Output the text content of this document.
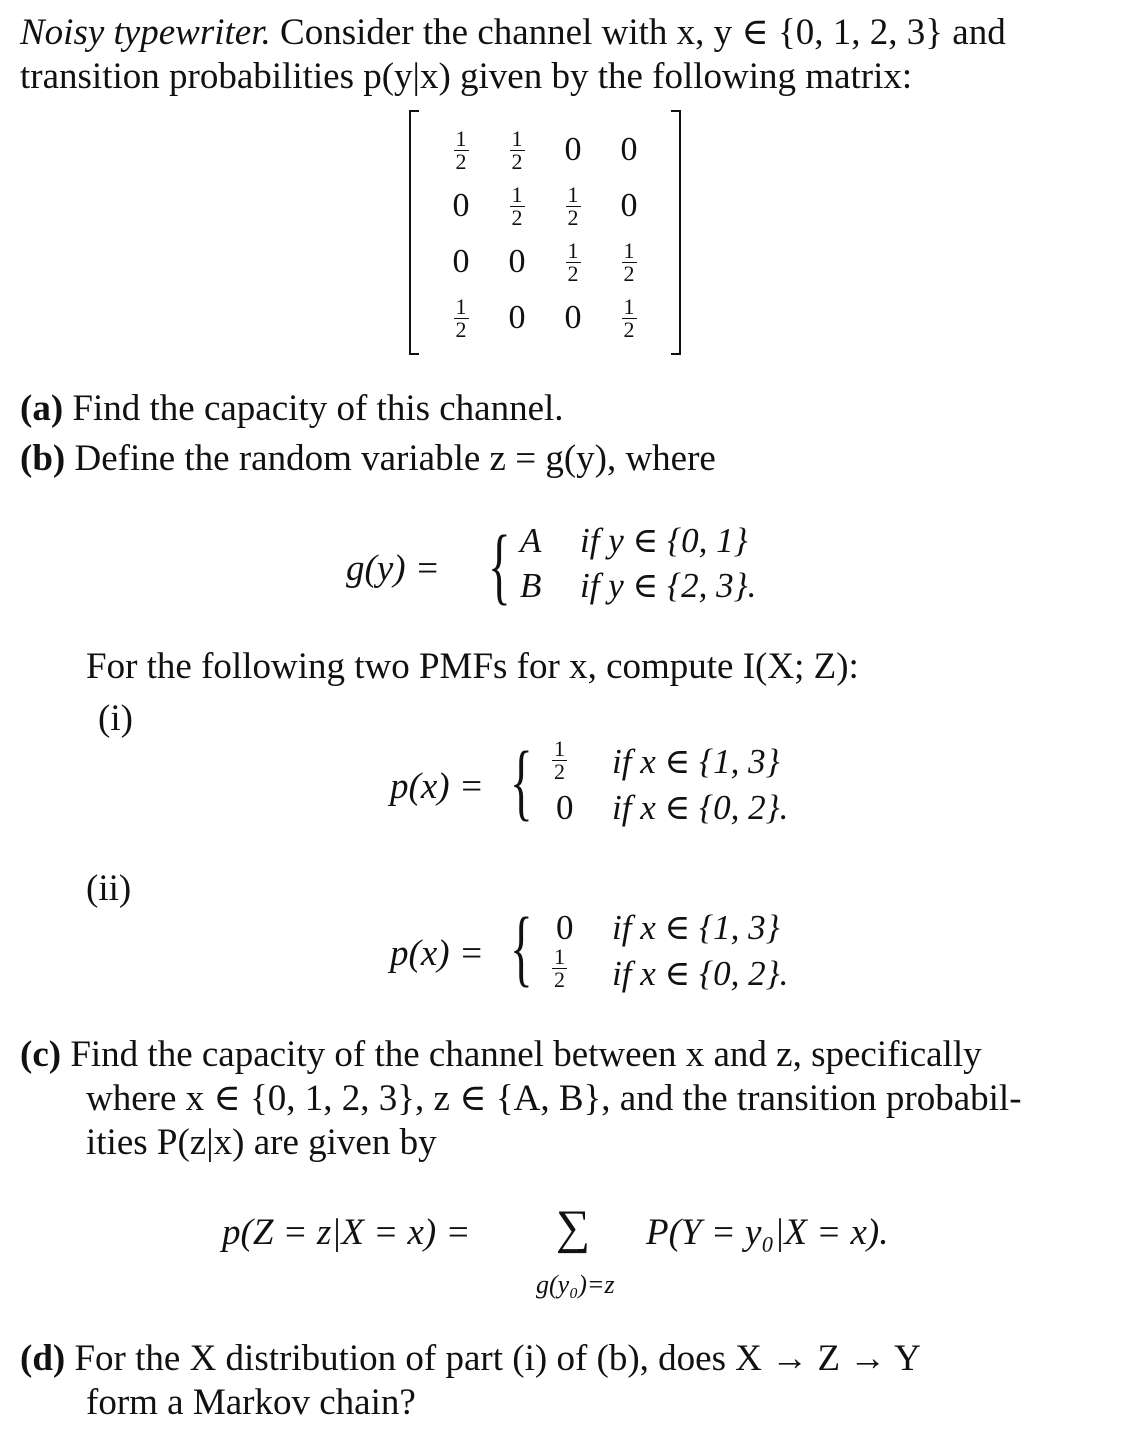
Noisy typewriter. Consider the channel with x, y ∈ {0, 1, 2, 3} and
transition probabilities p(y|x) given by the following matrix:
$\frac{1}{2}$	$\frac{1}{2}$	0	0
0	$\frac{1}{2}$	$\frac{1}{2}$	0
0	0	$\frac{1}{2}$	$\frac{1}{2}$

$\frac{1}{2}$	0	0	$\frac{1}{2}$
(a) Find the capacity of this channel.
(b) Define the random variable z = g(y), where
g(y) = { A if y ∈ {0, 1}
B if y ∈ {2, 3}.
For the following two PMFs for x, compute I(X; Z):
(i)
p(x) = { $\frac{1}{2}$ if x ∈ {1, 3}
0 if x ∈ {0, 2}.
(ii)
p(x) = { 0 if x ∈ {1, 3}
$\frac{1}{2}$ if x ∈ {0, 2}.
(c) Find the capacity of the channel between x and z, specifically
where x ∈ {0, 1, 2, 3}, z ∈ {A, B}, and the transition probabil-
ities P(z|x) are given by
p(Z = z|X = x) = ∑ P(Y = y₀|X = x).
g(y₀)=z
(d) For the X distribution of part (i) of (b), does X → Z → Y
form a Markov chain?
